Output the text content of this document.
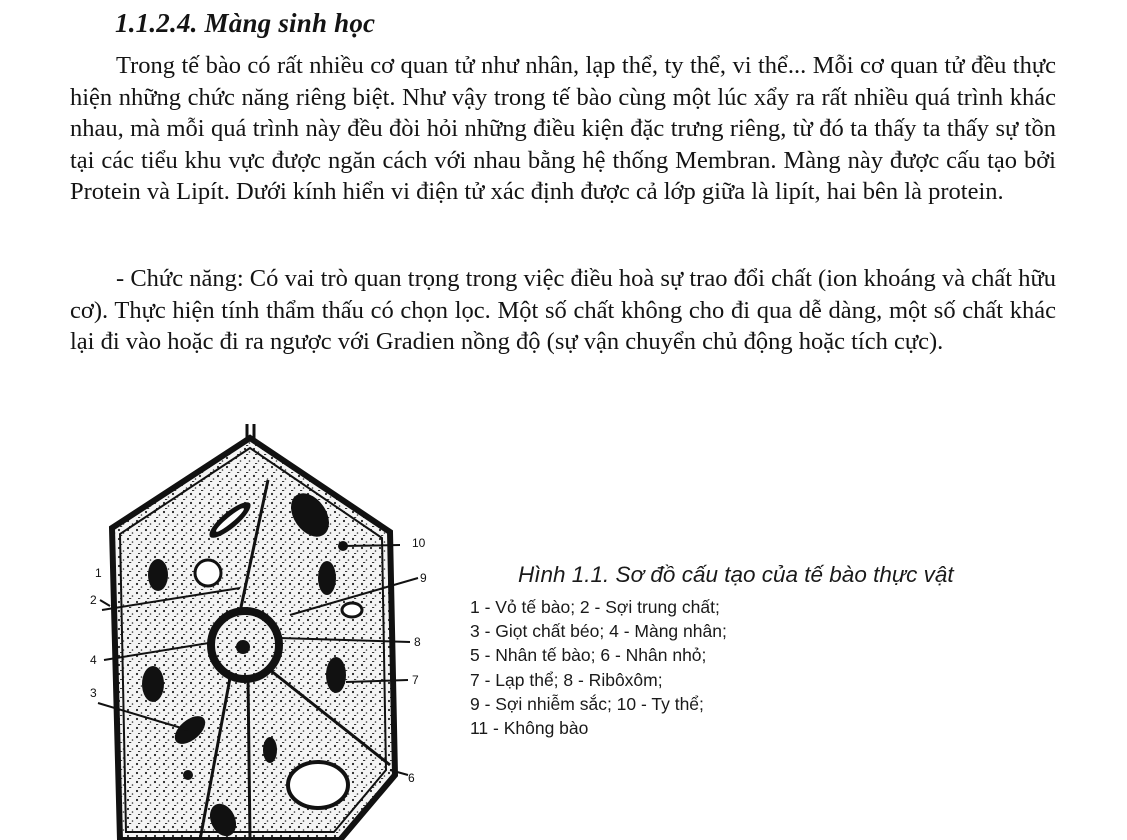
1.1.2.4. Màng sinh học

Trong tế bào có rất nhiều cơ quan tử như nhân, lạp thể, ty thể, vi thể... Mỗi cơ quan tử đều thực hiện những chức năng riêng biệt. Như vậy trong tế bào cùng một lúc xẩy ra rất nhiều quá trình khác nhau, mà mỗi quá trình này đều đòi hỏi những điều kiện đặc trưng riêng, từ đó ta thấy ta thấy sự tồn tại các tiểu khu vực được ngăn cách với nhau bằng hệ thống Membran. Màng này được cấu tạo bởi Protein và Lipít. Dưới kính hiển vi điện tử xác định được cả lớp giữa là lipít, hai bên là protein.

- Chức năng: Có vai trò quan trọng trong việc điều hoà sự trao đổi chất (ion khoáng và chất hữu cơ). Thực hiện tính thẩm thấu có chọn lọc. Một số chất không cho đi qua dễ dàng, một số chất khác lại đi vào hoặc đi ra ngược với Gradien nồng độ (sự vận chuyển chủ động hoặc tích cực).

1
2
3
4
6
7
8
9
10
Hình 1.1. Sơ đồ cấu tạo của tế bào thực vật
1 - Vỏ tế bào; 2 - Sợi trung chất;
3 - Giọt chất béo; 4 - Màng nhân;
5 - Nhân tế bào; 6 - Nhân nhỏ;
7 - Lạp thể; 8 - Ribôxôm;
9 - Sợi nhiễm sắc; 10 - Ty thể;
11 - Không bào
